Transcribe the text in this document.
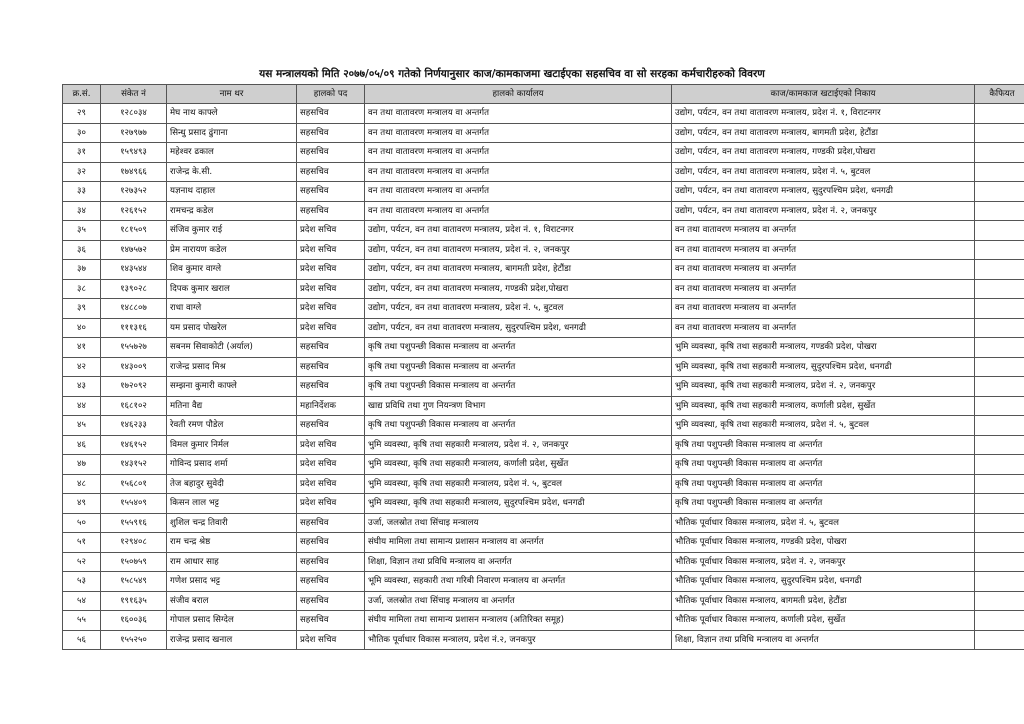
यस मन्त्रालयको मिति २०७७/०५/०९ गतेको निर्णयानुसार काज/कामकाजमा खटाईएका सहसचिव वा सो सरहका कर्मचारीहरुको विवरण
क्र.सं.	संकेत नं	नाम थर	हालको पद	हालको कार्यालय	काज/कामकाज खटाईएको निकाय	कैफियत
२९	१२८०३४	मेघ नाथ काफ्ले	सहसचिव	वन तथा वातावरण मन्त्रालय वा अन्तर्गत	उद्योग, पर्यटन, वन तथा वातावरण मन्त्रालय, प्रदेश नं. १, विराटनगर	
३०	१२७९७७	सिन्धु प्रसाद ढुंगाना	सहसचिव	वन तथा वातावरण मन्त्रालय वा अन्तर्गत	उद्योग, पर्यटन, वन तथा वातावरण मन्त्रालय, बागमती प्रदेश, हेटौंडा	
३१	१५९४९३	महेश्वर ढकाल	सहसचिव	वन तथा वातावरण मन्त्रालय वा अन्तर्गत	उद्योग, पर्यटन, वन तथा वातावरण मन्त्रालय, गण्डकी प्रदेश,पोखरा	
३२	१७४९६६	राजेन्द्र के.सी.	सहसचिव	वन तथा वातावरण मन्त्रालय वा अन्तर्गत	उद्योग, पर्यटन, वन तथा वातावरण मन्त्रालय, प्रदेश नं. ५, बुटवल	
३३	१२७३५२	यज्ञनाथ दाहाल	सहसचिव	वन तथा वातावरण मन्त्रालय वा अन्तर्गत	उद्योग, पर्यटन, वन तथा वातावरण मन्त्रालय, सुदुरपश्चिम प्रदेश, धनगढी	
३४	१२६१५२	रामचन्द्र कडेल	सहसचिव	वन तथा वातावरण मन्त्रालय वा अन्तर्गत	उद्योग, पर्यटन, वन तथा वातावरण मन्त्रालय, प्रदेश नं. २, जनकपुर	
३५	१८१५०९	संजिव कुमार राई	प्रदेश सचिव	उद्योग, पर्यटन, वन तथा वातावरण मन्त्रालय, प्रदेश नं. १, विराटनगर	वन तथा वातावरण मन्त्रालय वा अन्तर्गत	
३६	१४७५७२	प्रेम नारायण कडेल	प्रदेश सचिव	उद्योग, पर्यटन, वन तथा वातावरण मन्त्रालय, प्रदेश नं. २, जनकपुर	वन तथा वातावरण मन्त्रालय वा अन्तर्गत	
३७	१४३५४४	शिव कुमार वाग्ले	प्रदेश सचिव	उद्योग, पर्यटन, वन तथा वातावरण मन्त्रालय, बागमती प्रदेश, हेटौंडा	वन तथा वातावरण मन्त्रालय वा अन्तर्गत	
३८	१३९०२८	दिपक कुमार खराल	प्रदेश सचिव	उद्योग, पर्यटन, वन तथा वातावरण मन्त्रालय, गण्डकी प्रदेश,पोखरा	वन तथा वातावरण मन्त्रालय वा अन्तर्गत	
३९	१४८८०७	राधा वाग्ले	प्रदेश सचिव	उद्योग, पर्यटन, वन तथा वातावरण मन्त्रालय, प्रदेश नं. ५, बुटवल	वन तथा वातावरण मन्त्रालय वा अन्तर्गत	
४०	१११३१६	यम प्रसाद पोखरेल	प्रदेश सचिव	उद्योग, पर्यटन, वन तथा वातावरण मन्त्रालय, सुदुरपश्चिम प्रदेश, धनगढी	वन तथा वातावरण मन्त्रालय वा अन्तर्गत	
४१	१५५७२७	सबनम सिवाकोटी (अर्याल)	सहसचिव	कृषि तथा पशुपन्छी विकास मन्त्रालय वा अन्तर्गत	भुमि व्यवस्था, कृषि तथा सहकारी मन्त्रालय, गण्डकी प्रदेश, पोखरा	
४२	१४३००९	राजेन्द्र प्रसाद मिश्र	सहसचिव	कृषि तथा पशुपन्छी विकास मन्त्रालय वा अन्तर्गत	भुमि व्यवस्था, कृषि तथा सहकारी मन्त्रालय, सुदुरपश्चिम प्रदेश, धनगढी	
४३	१७२०९२	सम्झना कुमारी काफ्ले	सहसचिव	कृषि तथा पशुपन्छी विकास मन्त्रालय वा अन्तर्गत	भुमि व्यवस्था, कृषि तथा सहकारी मन्त्रालय, प्रदेश नं. २, जनकपुर	
४४	१६८१०२	मतिना वैद्य	महानिर्देशक	खाद्य प्रविधि तथा गुण नियन्त्रण विभाग	भुमि व्यवस्था, कृषि तथा सहकारी मन्त्रालय, कर्णाली प्रदेश, सुर्खेत	
४५	१४६२३३	रेवती रमण पौडेल	सहसचिव	कृषि तथा पशुपन्छी विकास मन्त्रालय वा अन्तर्गत	भुमि व्यवस्था, कृषि तथा सहकारी मन्त्रालय, प्रदेश नं. ५, बुटवल	
४६	१४६१५२	विमल कुमार निर्मल	प्रदेश सचिव	भुमि व्यवस्था, कृषि तथा सहकारी मन्त्रालय, प्रदेश नं. २, जनकपुर	कृषि तथा पशुपन्छी विकास मन्त्रालय वा अन्तर्गत	
४७	१४३१५२	गोविन्द प्रसाद शर्मा	प्रदेश सचिव	भुमि व्यवस्था, कृषि तथा सहकारी मन्त्रालय, कर्णाली प्रदेश, सुर्खेत	कृषि तथा पशुपन्छी विकास मन्त्रालय वा अन्तर्गत	
४८	१५६८०१	तेज बहादुर सुवेदी	प्रदेश सचिव	भुमि व्यवस्था, कृषि तथा सहकारी मन्त्रालय, प्रदेश नं. ५, बुटवल	कृषि तथा पशुपन्छी विकास मन्त्रालय वा अन्तर्गत	
४९	१५५४०९	किसन लाल भट्ट	प्रदेश सचिव	भुमि व्यवस्था, कृषि तथा सहकारी मन्त्रालय, सुदुरपश्चिम प्रदेश, धनगढी	कृषि तथा पशुपन्छी विकास मन्त्रालय वा अन्तर्गत	
५०	१५५९१६	शुशिल चन्द्र तिवारी	सहसचिव	उर्जा, जलस्रोत तथा सिंचाइ मन्त्रालय	भौतिक पूर्वाधार विकास मन्त्रालय, प्रदेश नं. ५, बुटवल	
५१	१२९४०८	राम चन्द्र श्रेष्ठ	सहसचिव	संघीय मामिला तथा सामान्य प्रशासन मन्त्रालय वा अन्तर्गत	भौतिक पूर्वाधार विकास मन्त्रालय, गण्डकी प्रदेश, पोखरा	
५२	१५०७५९	राम आधार साह	सहसचिव	शिक्षा, विज्ञान तथा प्रविधि मन्त्रालय वा अन्तर्गत	भौतिक पूर्वाधार विकास मन्त्रालय, प्रदेश नं. २, जनकपुर	
५३	१५८५४९	गणेश प्रसाद भट्ट	सहसचिव	भूमि व्यवस्था, सहकारी तथा गरिबी निवारण मन्त्रालय वा अन्तर्गत	भौतिक पूर्वाधार विकास मन्त्रालय, सुदुरपश्चिम प्रदेश, धनगढी	
५४	१९१६३५	संजीव बराल	सहसचिव	उर्जा, जलस्रोत तथा सिंचाइ मन्त्रालय वा अन्तर्गत	भौतिक पूर्वाधार विकास मन्त्रालय, बागमती प्रदेश, हेटौंडा	
५५	१६००३६	गोपाल प्रसाद सिग्देल	सहसचिव	संघीय मामिला तथा सामान्य प्रशासन मन्त्रालय (अतिरिक्त समूह)	भौतिक पूर्वाधार विकास मन्त्रालय, कर्णाली प्रदेश, सुर्खेत	
५६	१५५२५०	राजेन्द्र प्रसाद खनाल	प्रदेश सचिव	भौतिक पूर्वाधार विकास मन्त्रालय, प्रदेश नं.२, जनकपुर	शिक्षा, विज्ञान तथा प्रविधि मन्त्रालय वा अन्तर्गत	
